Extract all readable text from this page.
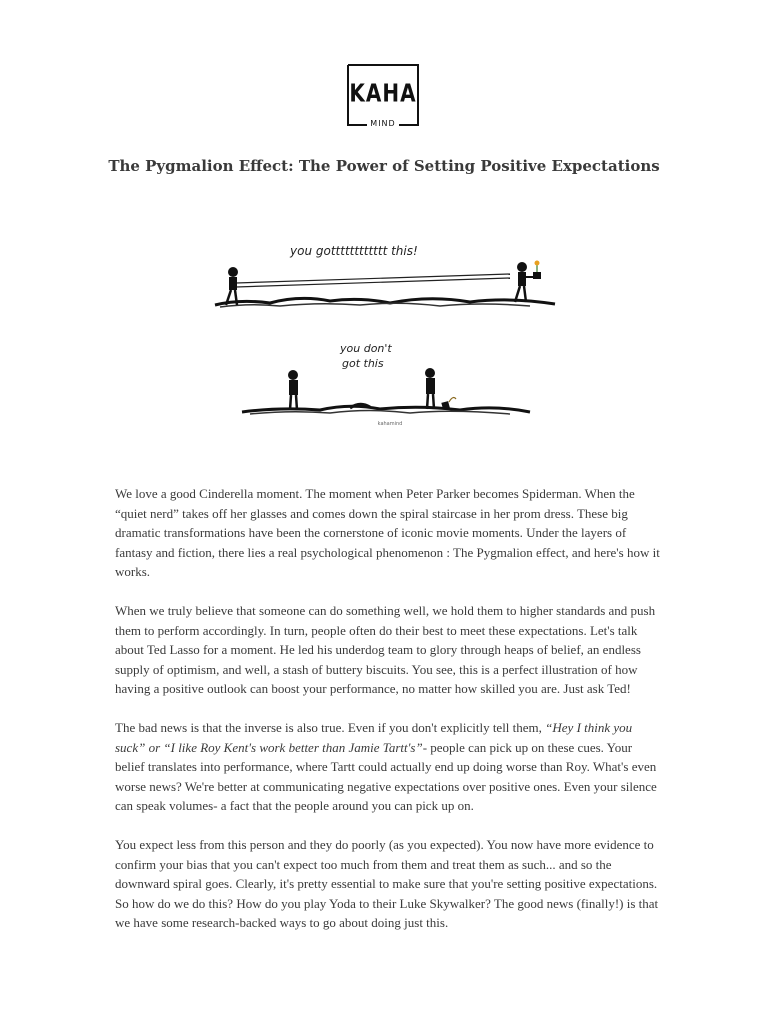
KAHA
MIND
The Pygmalion Effect: The Power of Setting Positive Expectations
you gotttttttttttt this!
you don't
got this
kahamind

We love a good Cinderella moment. The moment when Peter Parker becomes Spiderman. When the “quiet nerd” takes off her glasses and comes down the spiral staircase in her prom dress. These big dramatic transformations have been the cornerstone of iconic movie moments. Under the layers of fantasy and fiction, there lies a real psychological phenomenon : The Pygmalion effect, and here's how it works.

When we truly believe that someone can do something well, we hold them to higher standards and push them to perform accordingly. In turn, people often do their best to meet these expectations. Let's talk about Ted Lasso for a moment. He led his underdog team to glory through heaps of belief, an endless supply of optimism, and well, a stash of buttery biscuits. You see, this is a perfect illustration of how having a positive outlook can boost your performance, no matter how skilled you are. Just ask Ted!

The bad news is that the inverse is also true. Even if you don't explicitly tell them, “Hey I think you suck” or “I like Roy Kent's work better than Jamie Tartt's”- people can pick up on these cues. Your belief translates into performance, where Tartt could actually end up doing worse than Roy. What's even worse news? We're better at communicating negative expectations over positive ones. Even your silence can speak volumes- a fact that the people around you can pick up on.

You expect less from this person and they do poorly (as you expected). You now have more evidence to confirm your bias that you can't expect too much from them and treat them as such... and so the downward spiral goes. Clearly, it's pretty essential to make sure that you're setting positive expectations. So how do we do this? How do you play Yoda to their Luke Skywalker? The good news (finally!) is that we have some research-backed ways to go about doing just this.
